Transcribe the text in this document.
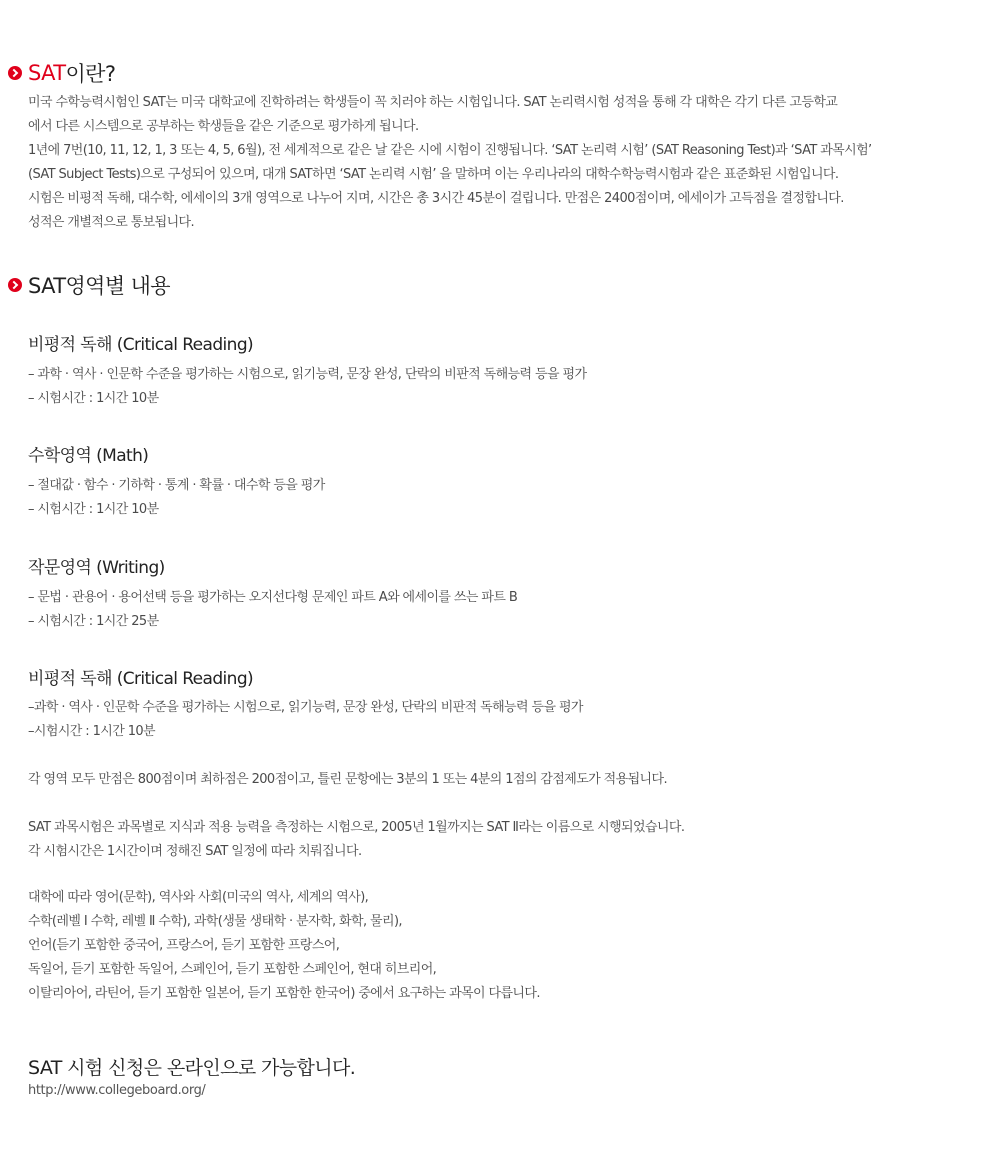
SAT 이란?
미국 수학능력시험인 SAT는 미국 대학교에 진학하려는 학생들이 꼭 치러야 하는 시험입니다. SAT 논리력시험 성적을 통해 각 대학은 각기 다른 고등학교
에서 다른 시스템으로 공부하는 학생들을 같은 기준으로 평가하게 됩니다.
1년에 7번(10, 11, 12, 1, 3 또는 4, 5, 6월), 전 세계적으로 같은 날 같은 시에 시험이 진행됩니다. ‘SAT 논리력 시험’ (SAT Reasoning Test)과 ‘SAT 과목시험’
(SAT Subject Tests)으로 구성되어 있으며, 대개 SAT하면 ‘SAT 논리력 시험’ 을 말하며 이는 우리나라의 대학수학능력시험과 같은 표준화된 시험입니다.
시험은 비평적 독해, 대수학, 에세이의 3개 영역으로 나누어 지며, 시간은 총 3시간 45분이 걸립니다. 만점은 2400점이며, 에세이가 고득점을 결정합니다.
성적은 개별적으로 통보됩니다.
SAT영역별 내용
비평적 독해 (Critical Reading)
– 과학 · 역사 · 인문학 수준을 평가하는 시험으로, 읽기능력, 문장 완성, 단락의 비판적 독해능력 등을 평가
– 시험시간 : 1시간 10분
수학영역 (Math)
– 절대값 · 함수 · 기하학 · 통계 · 확률 · 대수학 등을 평가
– 시험시간 : 1시간 10분
작문영역 (Writing)
– 문법 · 관용어 · 용어선택 등을 평가하는 오지선다형 문제인 파트 A와 에세이를 쓰는 파트 B
– 시험시간 : 1시간 25분
비평적 독해 (Critical Reading)
–과학 · 역사 · 인문학 수준을 평가하는 시험으로, 읽기능력, 문장 완성, 단락의 비판적 독해능력 등을 평가
–시험시간 : 1시간 10분
각 영역 모두 만점은 800점이며 최하점은 200점이고, 틀린 문항에는 3분의 1 또는 4분의 1점의 감점제도가 적용됩니다.
SAT 과목시험은 과목별로 지식과 적용 능력을 측정하는 시험으로, 2005년 1월까지는 SAT Ⅱ라는 이름으로 시행되었습니다.
각 시험시간은 1시간이며 정해진 SAT 일정에 따라 치뤄집니다.
대학에 따라 영어(문학), 역사와 사회(미국의 역사, 세계의 역사),
수학(레벨 Ⅰ 수학, 레벨 Ⅱ 수학), 과학(생물 생태학 · 분자학, 화학, 물리),
언어(듣기 포함한 중국어, 프랑스어, 듣기 포함한 프랑스어,
독일어, 듣기 포함한 독일어, 스페인어, 듣기 포함한 스페인어, 현대 히브리어,
이탈리아어, 라틴어, 듣기 포함한 일본어, 듣기 포함한 한국어) 중에서 요구하는 과목이 다릅니다.
SAT 시험 신청은 온라인으로 가능합니다.
http://www.collegeboard.org/
